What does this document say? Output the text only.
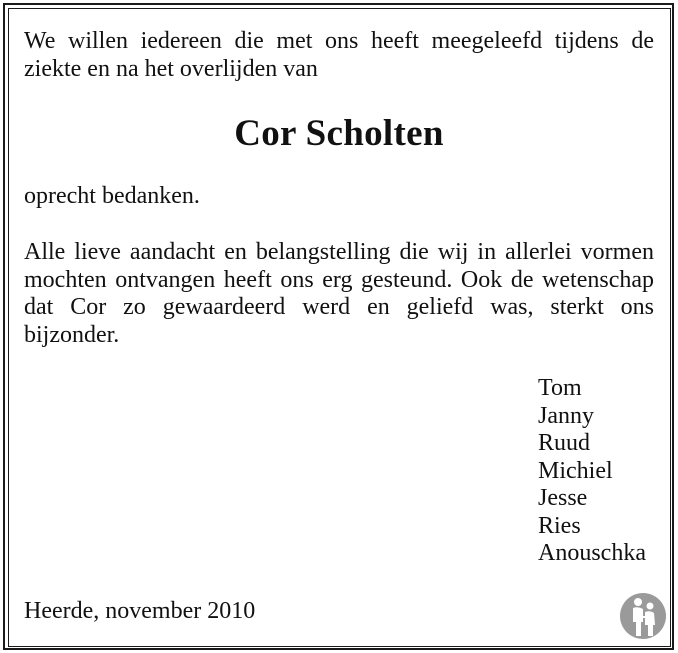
We willen iedereen die met ons heeft meegeleefd tijdens de ziekte en na het overlijden van

Cor Scholten

oprecht bedanken.

Alle lieve aandacht en belangstelling die wij in allerlei vormen mochten ontvangen heeft ons erg gesteund. Ook de wetenschap dat Cor zo gewaardeerd werd en geliefd was, sterkt ons bijzonder.

Tom
Janny
Ruud
Michiel
Jesse
Ries
Anouschka

Heerde, november 2010
